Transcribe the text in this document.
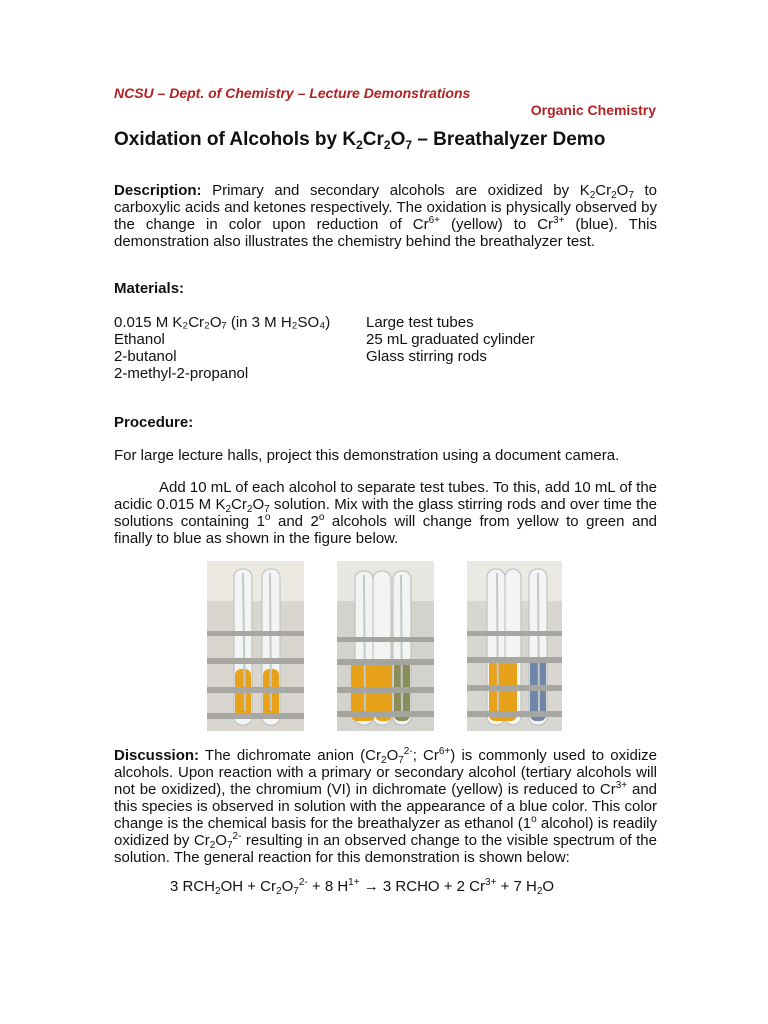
NCSU – Dept. of Chemistry – Lecture Demonstrations
Organic Chemistry
Oxidation of Alcohols by $K_2Cr_2O_7$ – Breathalyzer Demo
Description: Primary and secondary alcohols are oxidized by $K_2Cr_2O_7$ to carboxylic acids and ketones respectively. The oxidation is physically observed by the change in color upon reduction of $Cr^{6+}$ (yellow) to $Cr^{3+}$ (blue). This demonstration also illustrates the chemistry behind the breathalyzer test.
Materials:
0.015 M K₂Cr₂O₇ (in 3 M H₂SO₄)
Ethanol
2-butanol
2-methyl-2-propanol
Large test tubes
25 mL graduated cylinder
Glass stirring rods
Procedure:
For large lecture halls, project this demonstration using a document camera.
Add 10 mL of each alcohol to separate test tubes. To this, add 10 mL of the acidic 0.015 M $K_2Cr_2O_7$ solution. Mix with the glass stirring rods and over time the solutions containing 1$^o$ and 2$^o$ alcohols will change from yellow to green and finally to blue as shown in the figure below.
Discussion: The dichromate anion ($Cr_2O_7^{2-}$; $Cr^{6+}$) is commonly used to oxidize alcohols. Upon reaction with a primary or secondary alcohol (tertiary alcohols will not be oxidized), the chromium (VI) in dichromate (yellow) is reduced to $Cr^{3+}$ and this species is observed in solution with the appearance of a blue color. This color change is the chemical basis for the breathalyzer as ethanol (1$^o$ alcohol) is readily oxidized by $Cr_2O_7^{2-}$ resulting in an observed change to the visible spectrum of the solution. The general reaction for this demonstration is shown below:
3 $RCH_2OH + Cr_2O_7^{2-} + 8$ $H^{1+} \to 3$ RCHO + 2 $Cr^{3+} + 7$ $H_2O$
